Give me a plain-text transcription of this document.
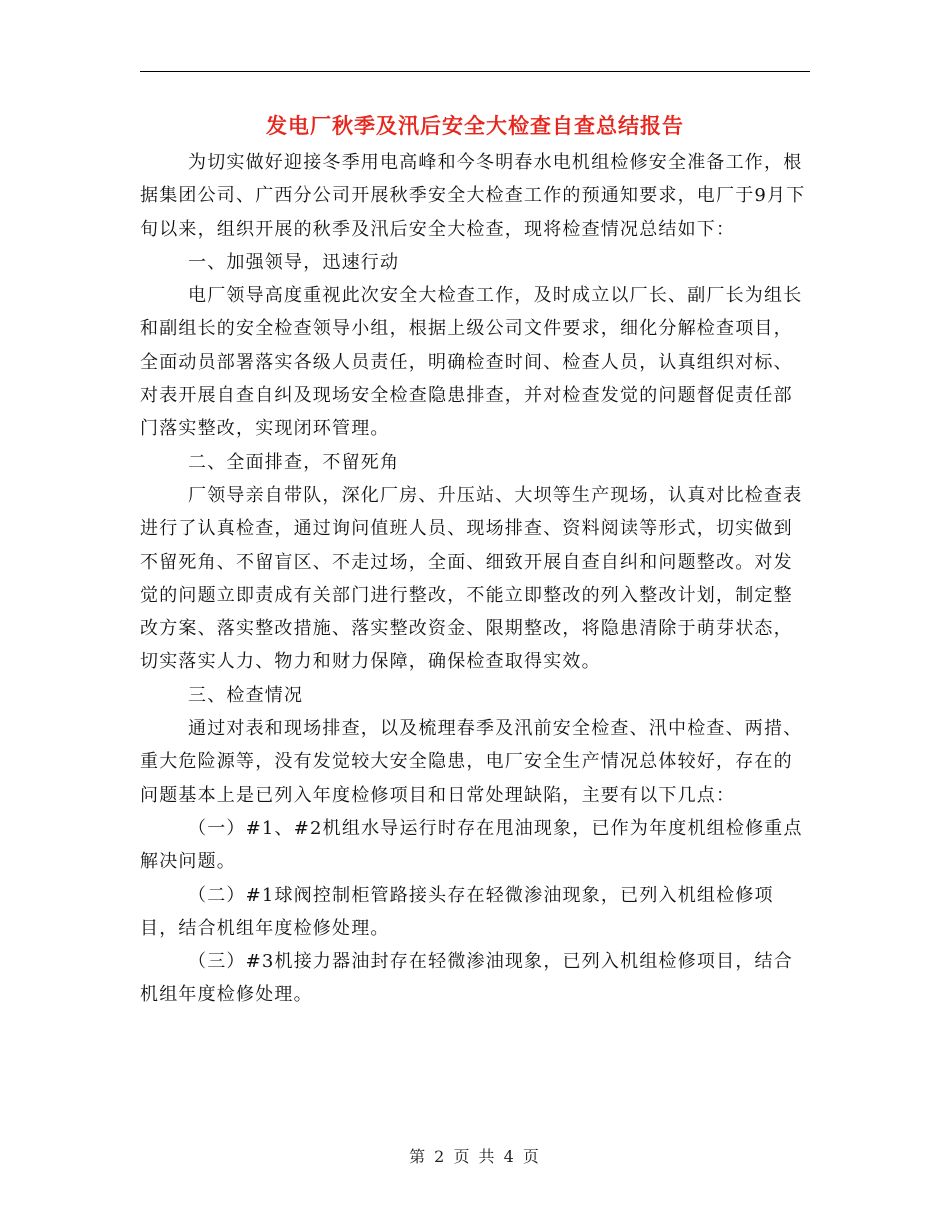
发电厂秋季及汛后安全大检查自查总结报告

为切实做好迎接冬季用电高峰和今冬明春水电机组检修安全准备工作，根据集团公司、广西分公司开展秋季安全大检查工作的预通知要求，电厂于9月下旬以来，组织开展的秋季及汛后安全大检查，现将检查情况总结如下：

一、加强领导，迅速行动

电厂领导高度重视此次安全大检查工作，及时成立以厂长、副厂长为组长和副组长的安全检查领导小组，根据上级公司文件要求，细化分解检查项目，全面动员部署落实各级人员责任，明确检查时间、检查人员，认真组织对标、对表开展自查自纠及现场安全检查隐患排查，并对检查发觉的问题督促责任部门落实整改，实现闭环管理。

二、全面排查，不留死角

厂领导亲自带队，深化厂房、升压站、大坝等生产现场，认真对比检查表进行了认真检查，通过询问值班人员、现场排查、资料阅读等形式，切实做到不留死角、不留盲区、不走过场，全面、细致开展自查自纠和问题整改。对发觉的问题立即责成有关部门进行整改，不能立即整改的列入整改计划，制定整改方案、落实整改措施、落实整改资金、限期整改，将隐患清除于萌芽状态，切实落实人力、物力和财力保障，确保检查取得实效。

三、检查情况

通过对表和现场排查，以及梳理春季及汛前安全检查、汛中检查、两措、重大危险源等，没有发觉较大安全隐患，电厂安全生产情况总体较好，存在的问题基本上是已列入年度检修项目和日常处理缺陷，主要有以下几点：

（一）#1、#2机组水导运行时存在甩油现象，已作为年度机组检修重点解决问题。

（二）#1球阀控制柜管路接头存在轻微渗油现象，已列入机组检修项目，结合机组年度检修处理。

（三）#3机接力器油封存在轻微渗油现象，已列入机组检修项目，结合机组年度检修处理。

第 2 页 共 4 页
